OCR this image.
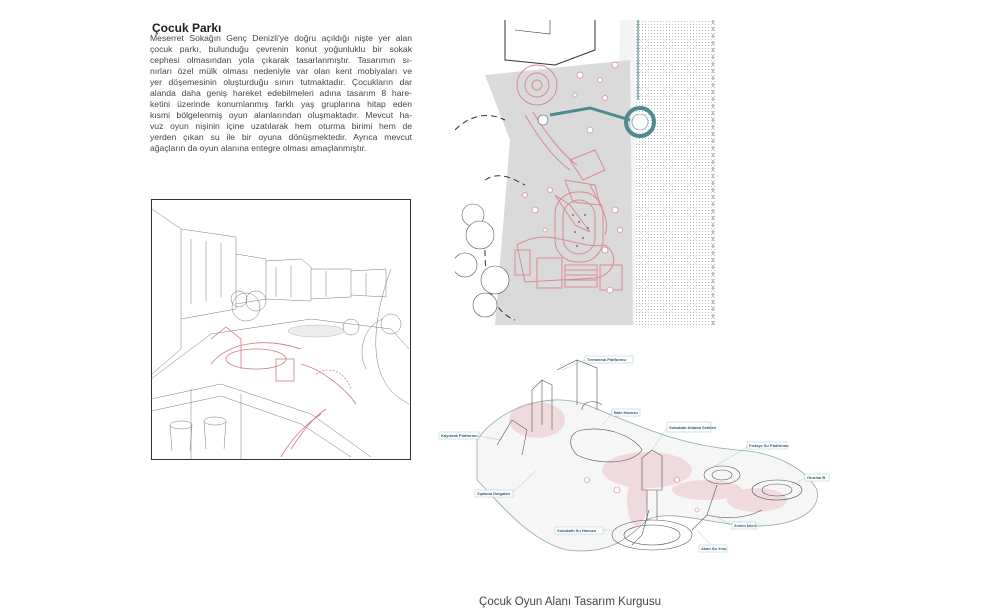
Çocuk Parkı
Meserret Sokağın Genç Denizli'ye doğru açıldığı nişte yer alan
çocuk parkı, bulunduğu çevrenin konut yoğunluklu bir sokak
cephesi olmasından yola çıkarak tasarlanmıştır. Tasarımın sı-
nırları özel mülk olması nedeniyle var olan kent mobiyaları ve
yer döşemesinin oluşturduğu sınırı tutmaktadır. Çocukların dar
alanda daha geniş hareket edebilmeleri adına tasarım 8 hare-
ketini üzerinde konumlanmış farklı yaş gruplarına hitap eden
kısmi bölgelenmiş oyun alanlarından oluşmaktadır. Mevcut ha-
vuz oyun nişinin içine uzatılarak hem oturma birimi hem de
yerden çıkan su ile bir oyuna dönüşmektedir. Ayrıca mevcut
ağaçların da oyun alanına entegre olması amaçlanmıştır.
Tırmanma Platformu
Kaydırak Platformu
Bale Havuzu
Sokakaltı Atlama Sekileri
Fıskıye Su Platformu
Oturma B
Zıplama Dalgaları
Sokakaltı Su Havuzu
Zemin İzleri
Akan Su Yolu
Çocuk Oyun Alanı Tasarım Kurgusu
